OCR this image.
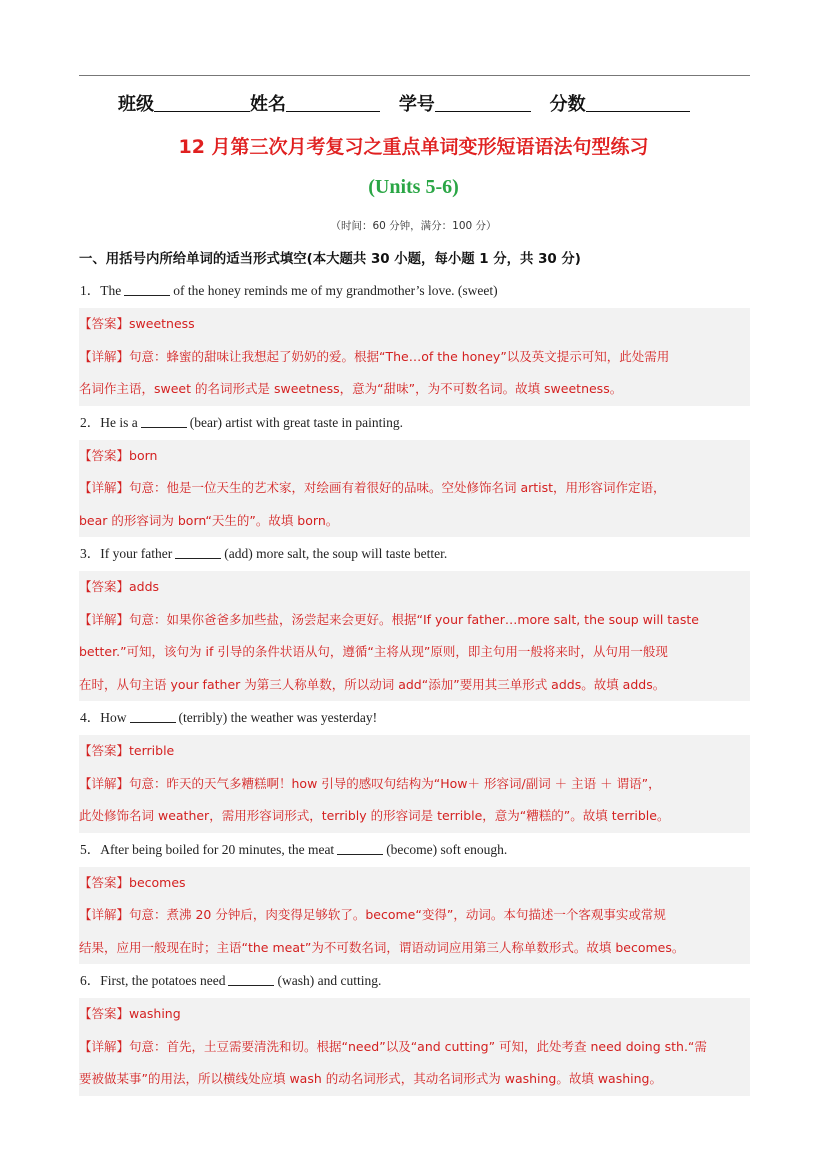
班级	姓名	学号	分数
12 月第三次月考复习之重点单词变形短语语法句型练习
(Units 5-6)
（时间：60 分钟，满分：100 分）
一、用括号内所给单词的适当形式填空(本大题共 30 小题，每小题 1 分，共 30 分)
1．The	of the honey reminds me of my grandmother’s love. (sweet)
【答案】sweetness
【详解】句意：蜂蜜的甜味让我想起了奶奶的爱。根据“The…of the honey”以及英文提示可知，此处需用
名词作主语，sweet 的名词形式是 sweetness，意为“甜味”，为不可数名词。故填 sweetness。
2．He is a	(bear) artist with great taste in painting.
【答案】born
【详解】句意：他是一位天生的艺术家，对绘画有着很好的品味。空处修饰名词 artist，用形容词作定语，
bear 的形容词为 born“天生的”。故填 born。
3．If your father	(add) more salt, the soup will taste better.
【答案】adds
【详解】句意：如果你爸爸多加些盐，汤尝起来会更好。根据“If your father…more salt, the soup will taste
better.”可知，该句为 if 引导的条件状语从句，遵循“主将从现”原则，即主句用一般将来时，从句用一般现
在时，从句主语 your father 为第三人称单数，所以动词 add“添加”要用其三单形式 adds。故填 adds。
4．How	(terribly) the weather was yesterday!
【答案】terrible
【详解】句意：昨天的天气多糟糕啊！how 引导的感叹句结构为“How＋ 形容词/副词 ＋ 主语 ＋ 谓语”，
此处修饰名词 weather，需用形容词形式，terribly 的形容词是 terrible，意为“糟糕的”。故填 terrible。
5．After being boiled for 20 minutes, the meat	(become) soft enough.
【答案】becomes
【详解】句意：煮沸 20 分钟后，肉变得足够软了。become“变得”，动词。本句描述一个客观事实或常规
结果，应用一般现在时；主语“the meat”为不可数名词，谓语动词应用第三人称单数形式。故填 becomes。
6．First, the potatoes need	(wash) and cutting.
【答案】washing
【详解】句意：首先，土豆需要清洗和切。根据“need”以及“and cutting” 可知，此处考查 need doing sth.“需
要被做某事”的用法，所以横线处应填 wash 的动名词形式，其动名词形式为 washing。故填 washing。
